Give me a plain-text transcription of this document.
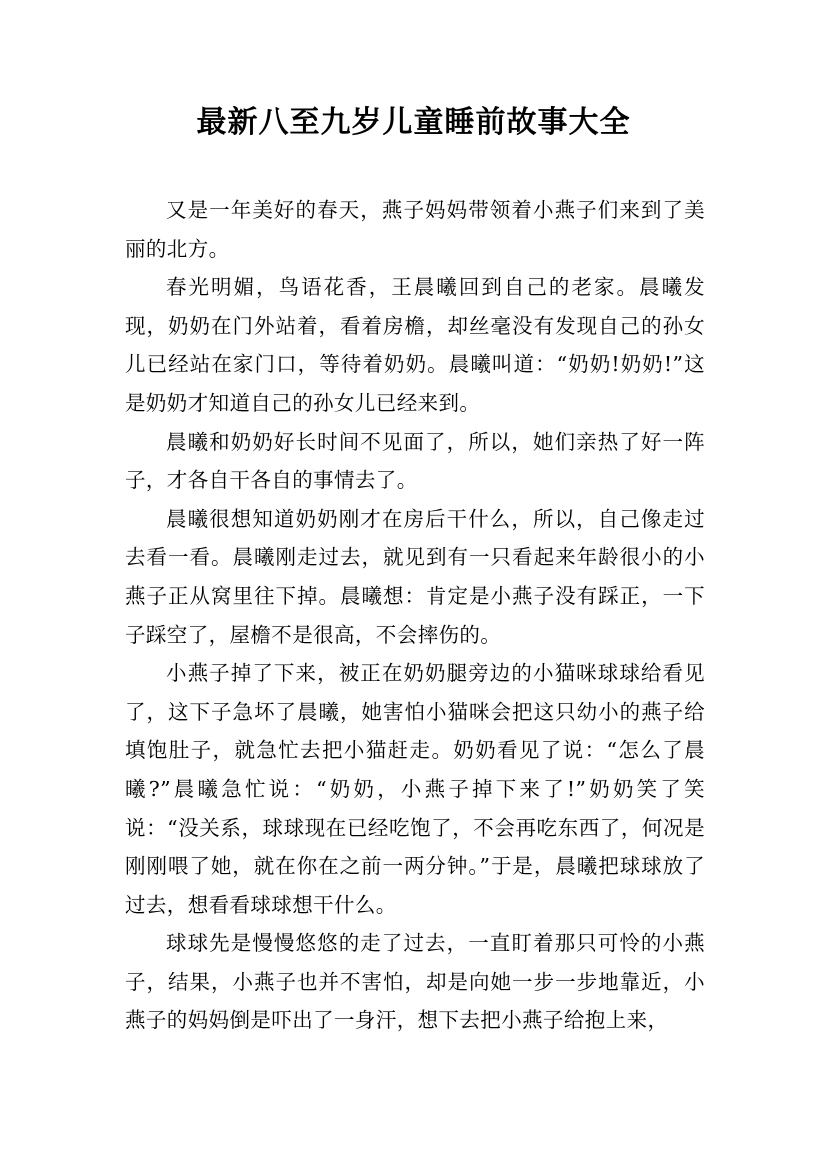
最新八至九岁儿童睡前故事大全

又是一年美好的春天，燕子妈妈带领着小燕子们来到了美丽的北方。

春光明媚，鸟语花香，王晨曦回到自己的老家。晨曦发现，奶奶在门外站着，看着房檐，却丝毫没有发现自己的孙女儿已经站在家门口，等待着奶奶。晨曦叫道：“奶奶!奶奶!”这是奶奶才知道自己的孙女儿已经来到。

晨曦和奶奶好长时间不见面了，所以，她们亲热了好一阵子，才各自干各自的事情去了。

晨曦很想知道奶奶刚才在房后干什么，所以，自己像走过去看一看。晨曦刚走过去，就见到有一只看起来年龄很小的小燕子正从窝里往下掉。晨曦想：肯定是小燕子没有踩正，一下子踩空了，屋檐不是很高，不会摔伤的。

小燕子掉了下来，被正在奶奶腿旁边的小猫咪球球给看见了，这下子急坏了晨曦，她害怕小猫咪会把这只幼小的燕子给填饱肚子，就急忙去把小猫赶走。奶奶看见了说：“怎么了晨曦?”晨曦急忙说：“奶奶，小燕子掉下来了!”奶奶笑了笑说：“没关系，球球现在已经吃饱了，不会再吃东西了，何况是刚刚喂了她，就在你在之前一两分钟。”于是，晨曦把球球放了过去，想看看球球想干什么。

球球先是慢慢悠悠的走了过去，一直盯着那只可怜的小燕子，结果，小燕子也并不害怕，却是向她一步一步地靠近，小燕子的妈妈倒是吓出了一身汗，想下去把小燕子给抱上来，
